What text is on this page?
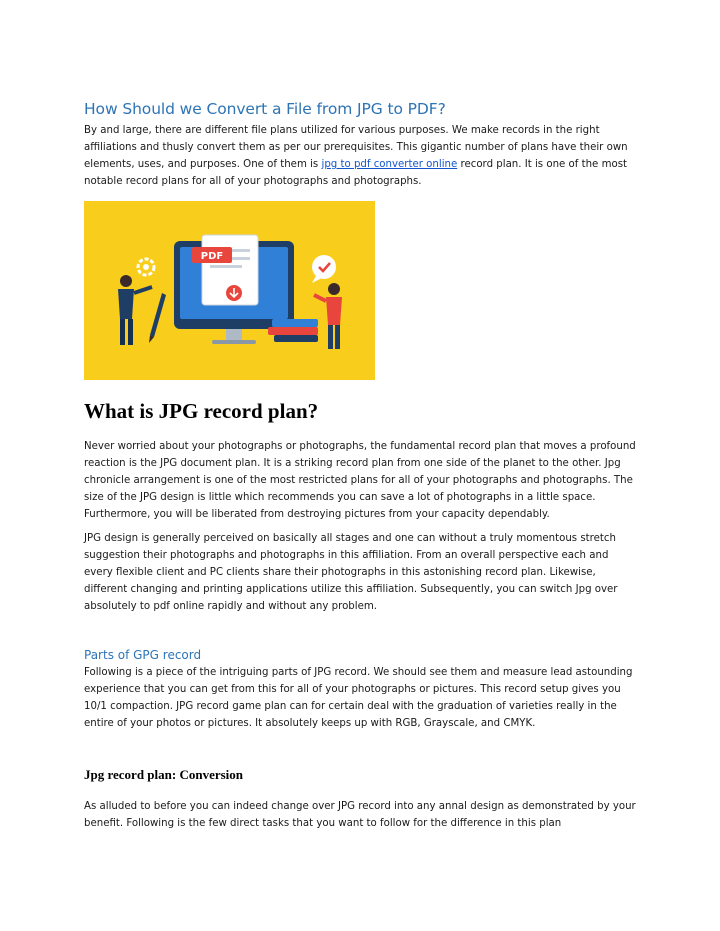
How Should we Convert a File from JPG to PDF?

By and large, there are different file plans utilized for various purposes. We make records in the right affiliations and thusly convert them as per our prerequisites. This gigantic number of plans have their own elements, uses, and purposes. One of them is jpg to pdf converter online record plan. It is one of the most notable record plans for all of your photographs and photographs.

PDF
What is JPG record plan?

Never worried about your photographs or photographs, the fundamental record plan that moves a profound reaction is the JPG document plan. It is a striking record plan from one side of the planet to the other. Jpg chronicle arrangement is one of the most restricted plans for all of your photographs and photographs. The size of the JPG design is little which recommends you can save a lot of photographs in a little space. Furthermore, you will be liberated from destroying pictures from your capacity dependably.

JPG design is generally perceived on basically all stages and one can without a truly momentous stretch suggestion their photographs and photographs in this affiliation. From an overall perspective each and every flexible client and PC clients share their photographs in this astonishing record plan. Likewise, different changing and printing applications utilize this affiliation. Subsequently, you can switch Jpg over absolutely to pdf online rapidly and without any problem.

Parts of GPG record

Following is a piece of the intriguing parts of JPG record. We should see them and measure lead astounding experience that you can get from this for all of your photographs or pictures. This record setup gives you 10/1 compaction. JPG record game plan can for certain deal with the graduation of varieties really in the entire of your photos or pictures. It absolutely keeps up with RGB, Grayscale, and CMYK.

Jpg record plan: Conversion

As alluded to before you can indeed change over JPG record into any annal design as demonstrated by your benefit. Following is the few direct tasks that you want to follow for the difference in this plan
